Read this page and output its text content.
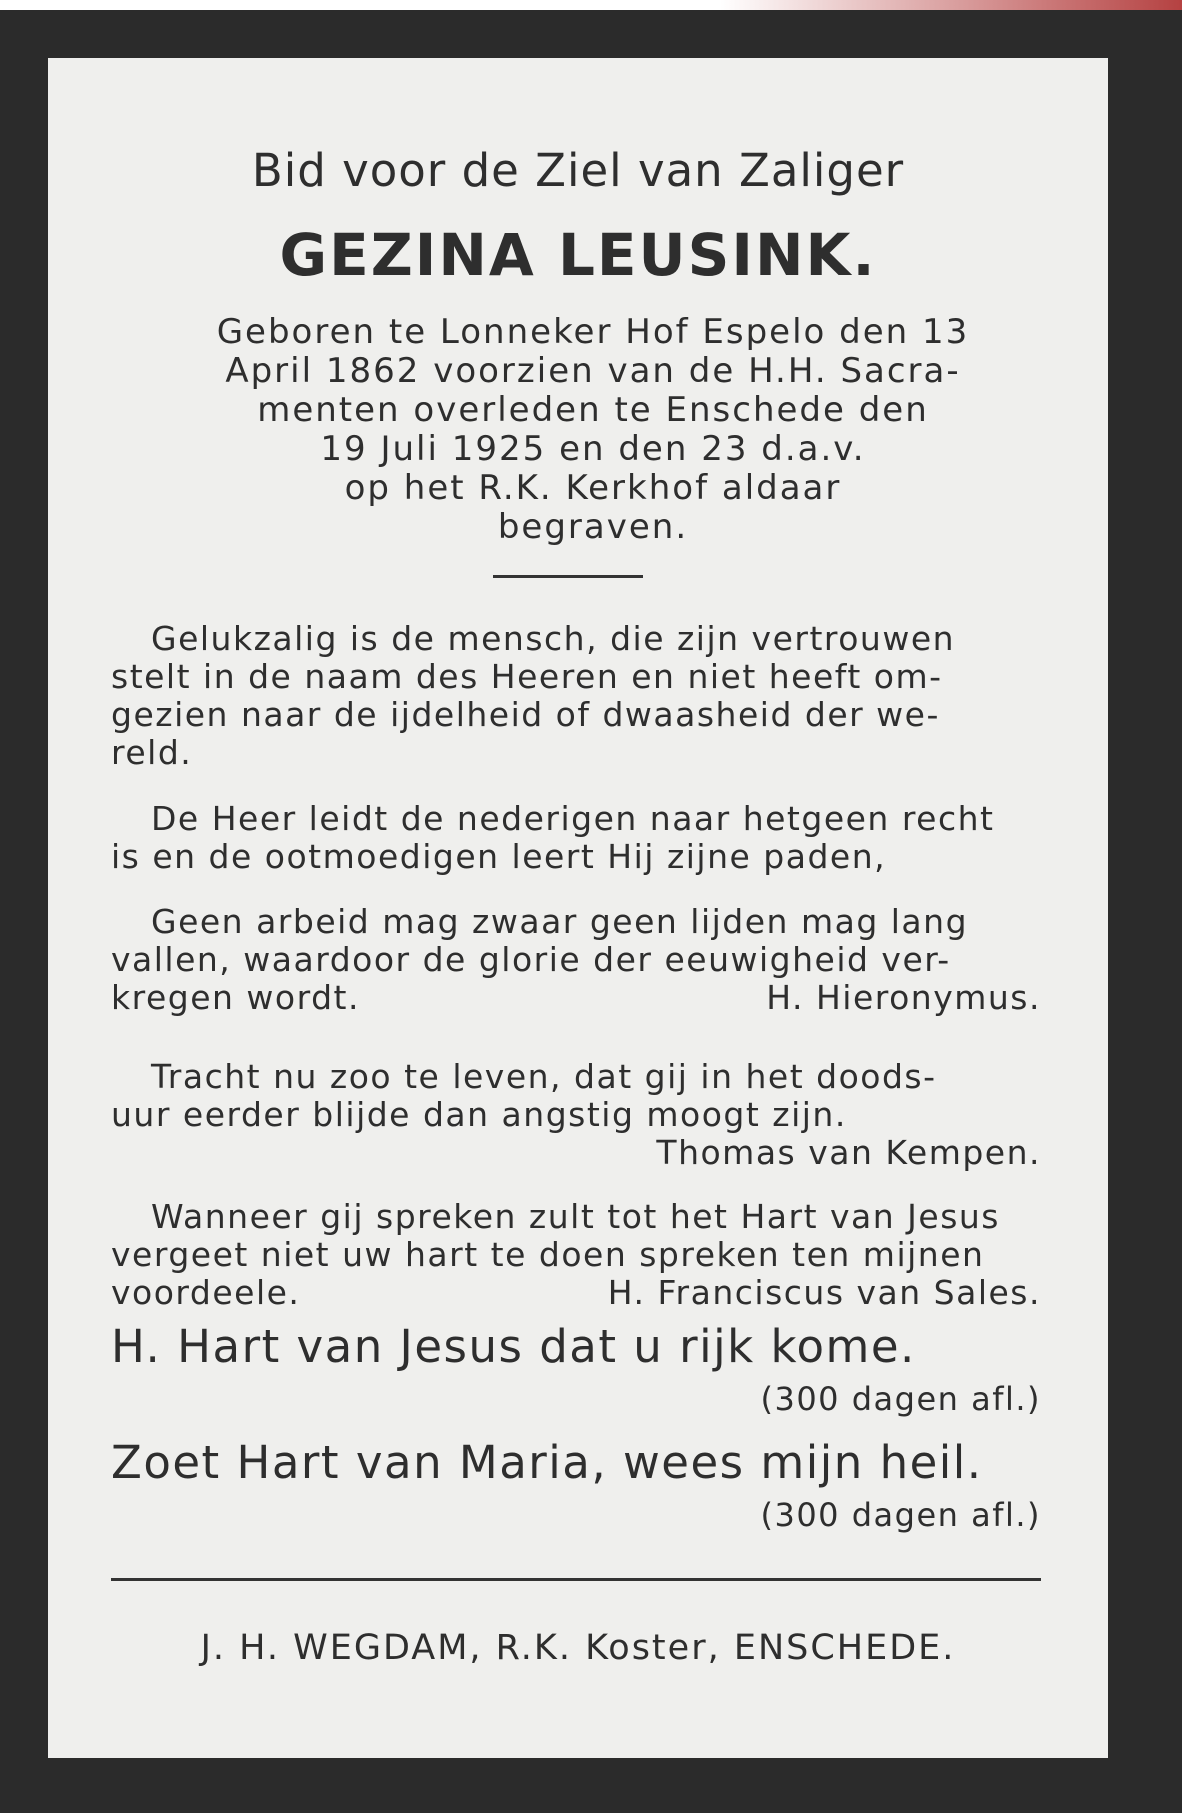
Bid voor de Ziel van Zaliger
GEZINA LEUSINK.
Geboren te Lonneker Hof Espelo den 13
April 1862 voorzien van de H.H. Sacra-
menten overleden te Enschede den
19 Juli 1925 en den 23 d.a.v.
op het R.K. Kerkhof aldaar
begraven.
Gelukzalig is de mensch, die zijn vertrouwen
stelt in de naam des Heeren en niet heeft om-
gezien naar de ijdelheid of dwaasheid der we-
reld.
De Heer leidt de nederigen naar hetgeen recht
is en de ootmoedigen leert Hij zijne paden,
Geen arbeid mag zwaar geen lijden mag lang
vallen, waardoor de glorie der eeuwigheid ver-
kregen wordt.	H. Hieronymus.
Tracht nu zoo te leven, dat gij in het doods-
uur eerder blijde dan angstig moogt zijn.
Thomas van Kempen.
Wanneer gij spreken zult tot het Hart van Jesus
vergeet niet uw hart te doen spreken ten mijnen
voordeele.	H. Franciscus van Sales.
H. Hart van Jesus dat u rijk kome.
(300 dagen afl.)
Zoet Hart van Maria, wees mijn heil.
(300 dagen afl.)
J. H. WEGDAM, R.K. Koster, ENSCHEDE.
